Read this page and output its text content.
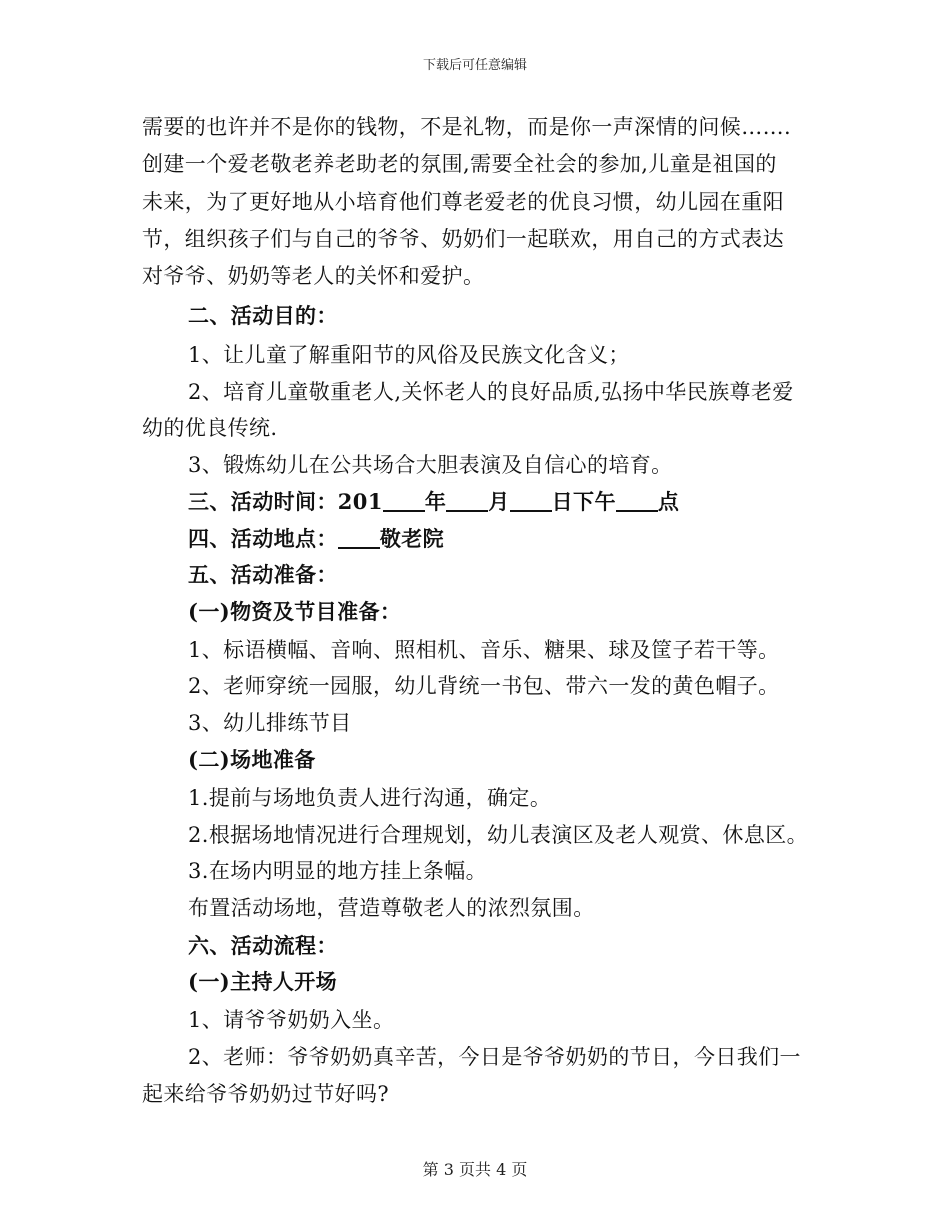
下载后可任意编辑
需要的也许并不是你的钱物，不是礼物，而是你一声深情的问候…….
创建一个爱老敬老养老助老的氛围,需要全社会的参加,儿童是祖国的
未来，为了更好地从小培育他们尊老爱老的优良习惯，幼儿园在重阳
节，组织孩子们与自己的爷爷、奶奶们一起联欢，用自己的方式表达
对爷爷、奶奶等老人的关怀和爱护。
二、活动目的：
1、让儿童了解重阳节的风俗及民族文化含义；
2、培育儿童敬重老人,关怀老人的良好品质,弘扬中华民族尊老爱
幼的优良传统.
3、锻炼幼儿在公共场合大胆表演及自信心的培育。
三、活动时间：201 年 月 日下午 点
四、活动地点： 敬老院
五、活动准备：
(一)物资及节目准备：
1、标语横幅、音响、照相机、音乐、糖果、球及筐子若干等。
2、老师穿统一园服，幼儿背统一书包、带六一发的黄色帽子。
3、幼儿排练节目
(二)场地准备
1.提前与场地负责人进行沟通，确定。
2.根据场地情况进行合理规划，幼儿表演区及老人观赏、休息区。
3.在场内明显的地方挂上条幅。
布置活动场地，营造尊敬老人的浓烈氛围。
六、活动流程：
(一)主持人开场
1、请爷爷奶奶入坐。
2、老师：爷爷奶奶真辛苦，今日是爷爷奶奶的节日，今日我们一
起来给爷爷奶奶过节好吗?
第 3 页共 4 页
